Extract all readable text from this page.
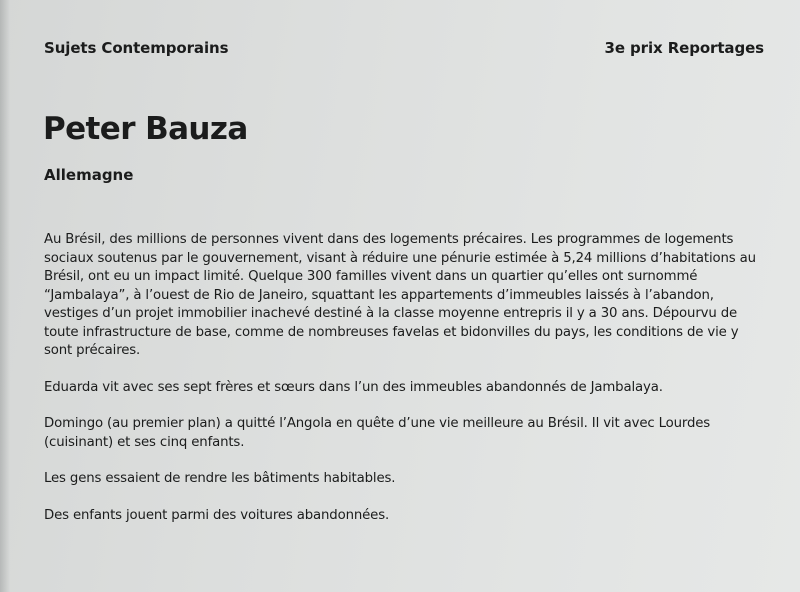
Sujets Contemporains	3e prix Reportages
Peter Bauza
Allemagne

Au Brésil, des millions de personnes vivent dans des logements précaires. Les programmes de logements sociaux soutenus par le gouvernement, visant à réduire une pénurie estimée à 5,24 millions d’habitations au Brésil, ont eu un impact limité. Quelque 300 familles vivent dans un quartier qu’elles ont surnommé “Jambalaya”, à l’ouest de Rio de Janeiro, squattant les appartements d’immeubles laissés à l’abandon, vestiges d’un projet immobilier inachevé destiné à la classe moyenne entrepris il y a 30 ans. Dépourvu de toute infrastructure de base, comme de nombreuses favelas et bidonvilles du pays, les conditions de vie y sont précaires.

Eduarda vit avec ses sept frères et sœurs dans l’un des immeubles abandonnés de Jambalaya.

Domingo (au premier plan) a quitté l’Angola en quête d’une vie meilleure au Brésil. Il vit avec Lourdes (cuisinant) et ses cinq enfants.

Les gens essaient de rendre les bâtiments habitables.

Des enfants jouent parmi des voitures abandonnées.
